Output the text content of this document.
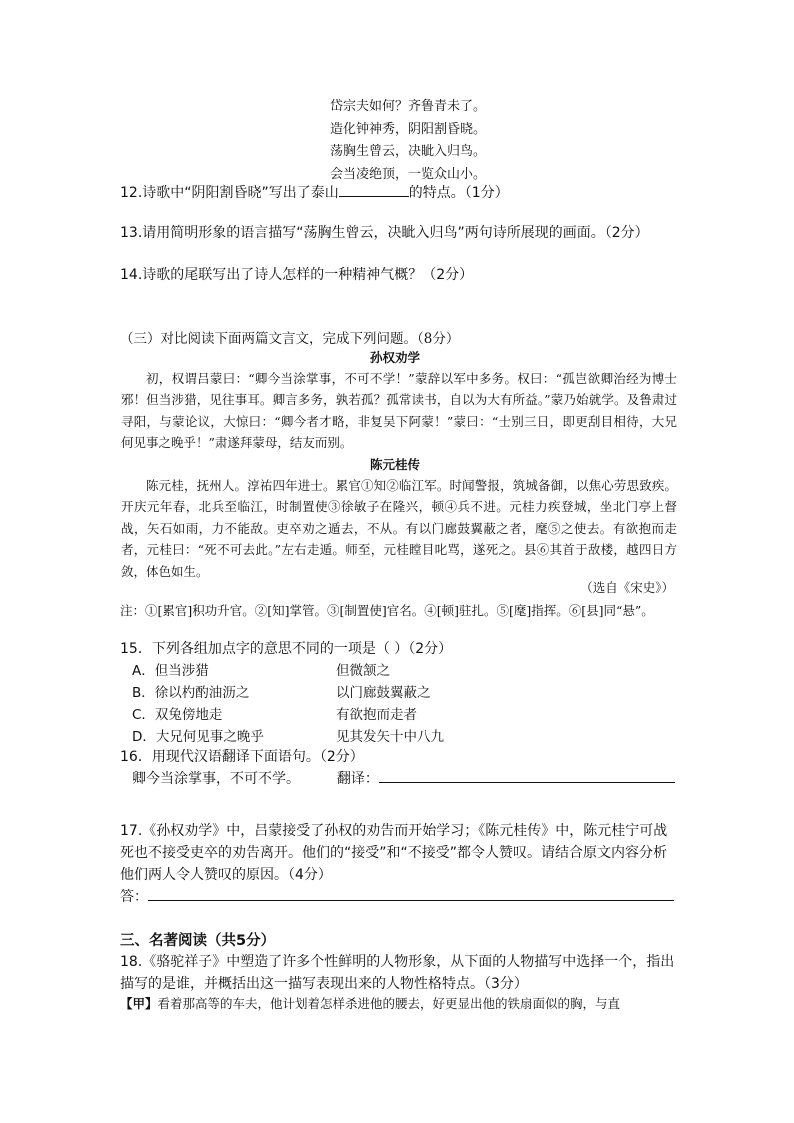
岱宗夫如何？齐鲁青未了。
造化钟神秀，阴阳割昏晓。
荡胸生曾云，决眦入归鸟。
会当凌绝顶，一览众山小。
12.诗歌中“阴阳割昏晓”写出了泰山	的特点。（1分）
13.请用简明形象的语言描写“荡胸生曾云，决眦入归鸟”两句诗所展现的画面。（2分）
14.诗歌的尾联写出了诗人怎样的一种精神气概？（2分）
（三）对比阅读下面两篇文言文，完成下列问题。（8分）
孙权劝学

初，权谓吕蒙曰：“卿今当涂掌事，不可不学！”蒙辞以军中多务。权曰：“孤岂欲卿治经为博士邪！但当涉猎，见往事耳。卿言多务，孰若孤？孤常读书，自以为大有所益。”蒙乃始就学。及鲁肃过寻阳，与蒙论议，大惊曰：“卿今者才略，非复吴下阿蒙！”蒙曰：“士别三日，即更刮目相待，大兄何见事之晚乎！”肃遂拜蒙母，结友而别。

陈元桂传

陈元桂，抚州人。淳祐四年进士。累官①知②临江军。时闻警报，筑城备御，以焦心劳思致疾。开庆元年春，北兵至临江，时制置使③徐敏子在隆兴，顿④兵不进。元桂力疾登城，坐北门亭上督战，矢石如雨，力不能敌。吏卒劝之遁去，不从。有以门廊鼓翼蔽之者，麾⑤之使去。有欲抱而走者，元桂曰：“死不可去此。”左右走遁。师至，元桂瞠目叱骂，遂死之。县⑥其首于敌楼，越四日方敛，体色如生。

（选自《宋史》）
注：①[累官]积功升官。②[知]掌管。③[制置使]官名。④[顿]驻扎。⑤[麾]指挥。⑥[县]同“悬”。
15．下列各组加点字的意思不同的一项是（ ）（2分）
A．但当涉猎	但微颔之
B．徐以杓酌油沥之	以门廊鼓翼蔽之
C．双兔傍地走	有欲抱而走者
D．大兄何见事之晚乎	见其发矢十中八九
16．用现代汉语翻译下面语句。（2分）
卿今当涂掌事，不可不学。	翻译：
17.《孙权劝学》中，吕蒙接受了孙权的劝告而开始学习；《陈元桂传》中，陈元桂宁可战死也不接受吏卒的劝告离开。他们的“接受”和“不接受”都令人赞叹。请结合原文内容分析他们两人令人赞叹的原因。（4分）
答：
三、名著阅读（共5分）
18.《骆驼祥子》中塑造了许多个性鲜明的人物形象，从下面的人物描写中选择一个，指出描写的是谁，并概括出这一描写表现出来的人物性格特点。（3分）
【甲】看着那高等的车夫，他计划着怎样杀进他的腰去，好更显出他的铁扇面似的胸，与直
